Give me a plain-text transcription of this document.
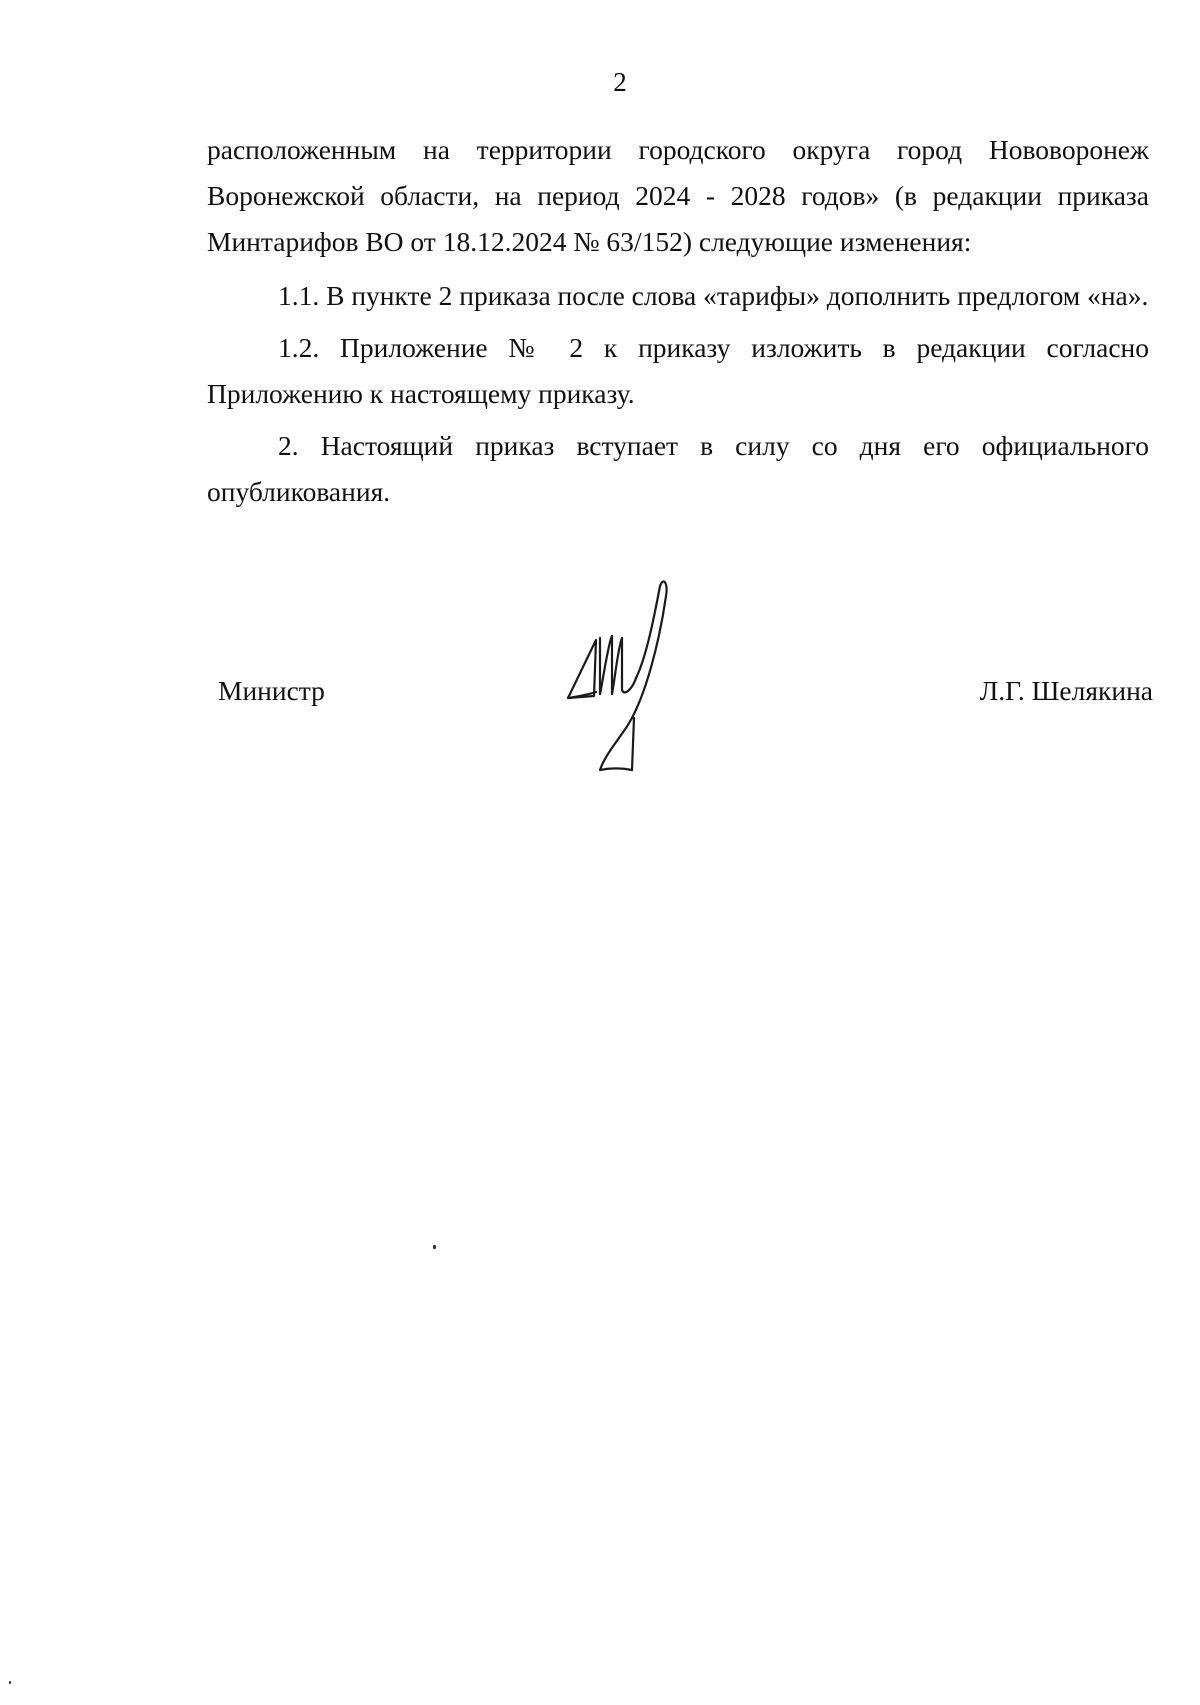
2

расположенным на территории городского округа город Нововоронеж Воронежской области, на период 2024 - 2028 годов» (в редакции приказа Минтарифов ВО от 18.12.2024 № 63/152) следующие изменения:

1.1. В пункте 2 приказа после слова «тарифы» дополнить предлогом «на».

1.2. Приложение № 2 к приказу изложить в редакции согласно Приложению к настоящему приказу.

2. Настоящий приказ вступает в силу со дня его официального опубликования.

Министр	Л.Г. Шелякина
